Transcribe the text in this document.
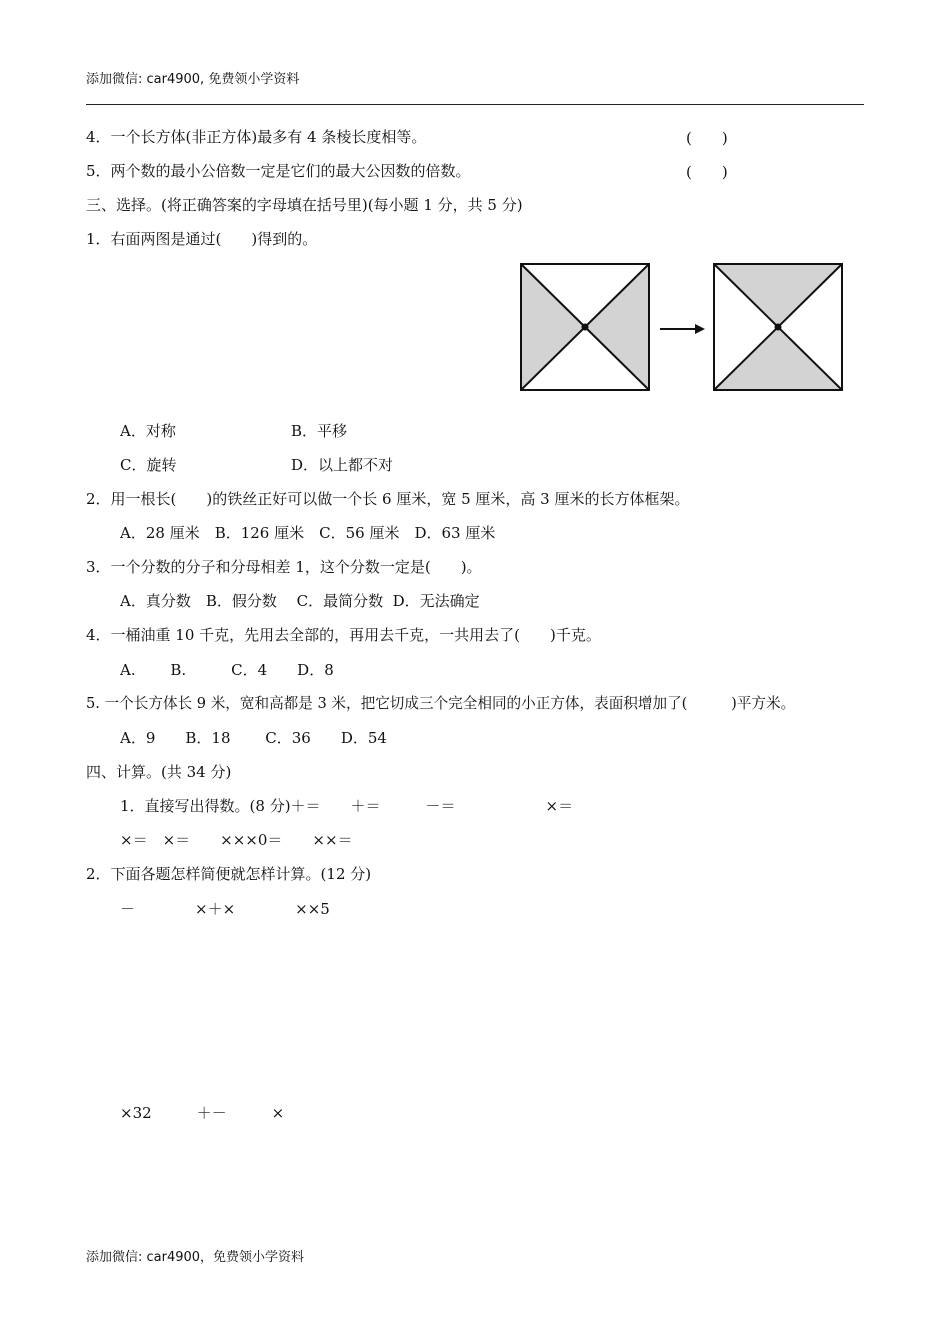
添加微信: car4900, 免费领小学资料
4．一个长方体(非正方体)最多有 4 条棱长度相等。	(　　)
5．两个数的最小公倍数一定是它们的最大公因数的倍数。	(　　)
三、选择。(将正确答案的字母填在括号里)(每小题 1 分，共 5 分)
1．右面两图是通过(　　)得到的。
A．对称	B．平移
C．旋转	D．以上都不对
2．用一根长(　　)的铁丝正好可以做一个长 6 厘米，宽 5 厘米，高 3 厘米的长方体框架。
A．28 厘米　B．126 厘米　C．56 厘米　D．63 厘米
3．一个分数的分子和分母相差 1，这个分数一定是(　　)。
A．真分数　B．假分数　 C．最简分数  D．无法确定
4．一桶油重 10 千克，先用去全部的，再用去千克，一共用去了(　　)千克。
A.　　 B.　　　C．4　　D．8
5. 一个长方体长 9 米，宽和高都是 3 米，把它切成三个完全相同的小正方体，表面积增加了(　　　)平方米。
A．9　　B．18　　 C．36　　D．54
四、计算。(共 34 分)
1．直接写出得数。(8 分)＋＝　　＋＝　　　－＝　　　　　　×＝
×＝　×＝　　×××0＝　　××＝
2．下面各题怎样简便就怎样计算。(12 分)
－　　　　×＋×　　　　××5
×32　　　＋－　　　×
添加微信: car4900，免费领小学资料
